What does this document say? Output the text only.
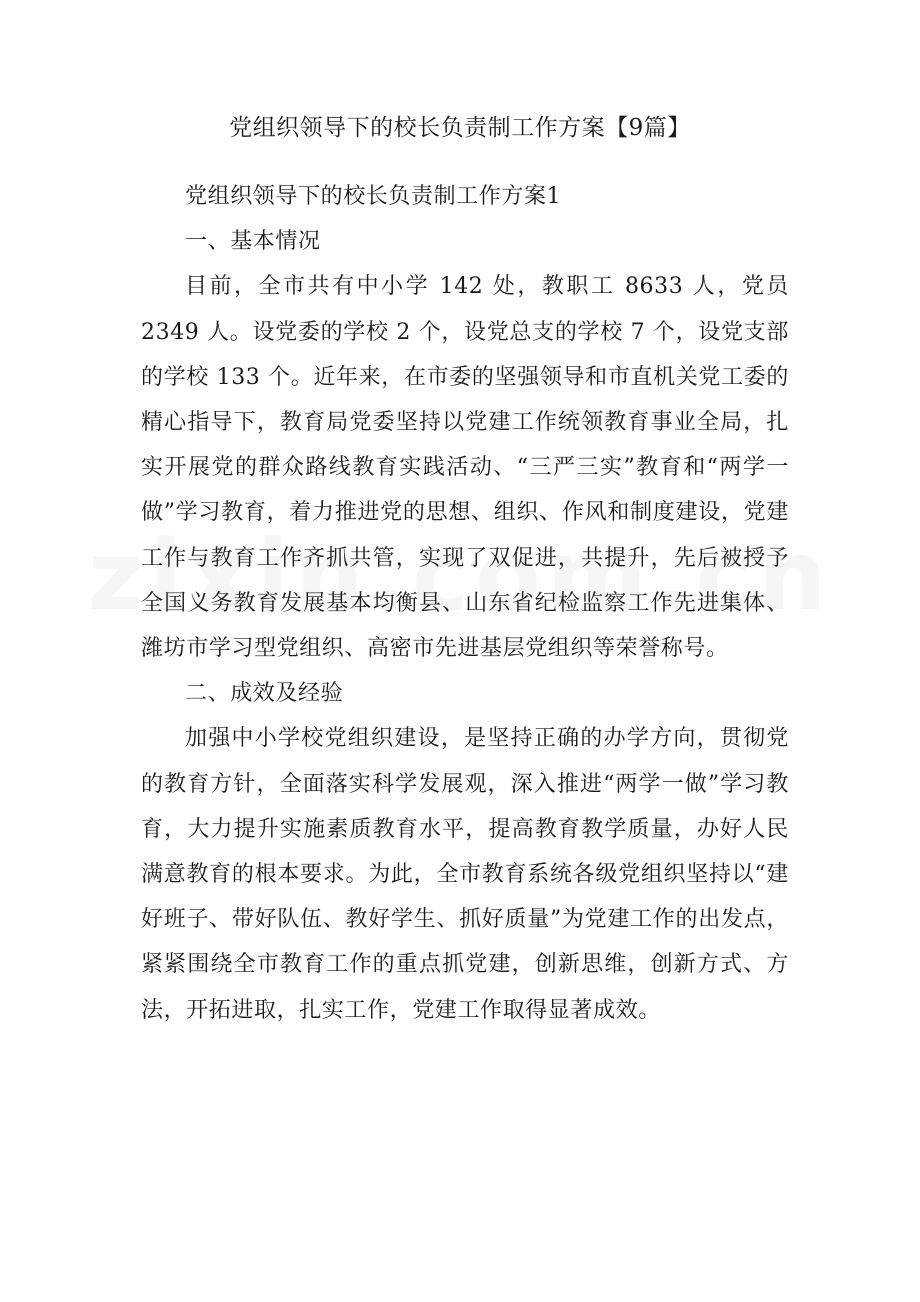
党组织领导下的校长负责制工作方案【9篇】

党组织领导下的校长负责制工作方案1

一、基本情况

目前，全市共有中小学 142 处，教职工 8633 人，党员2349 人。设党委的学校 2 个，设党总支的学校 7 个，设党支部的学校 133 个。近年来，在市委的坚强领导和市直机关党工委的精心指导下，教育局党委坚持以党建工作统领教育事业全局，扎实开展党的群众路线教育实践活动、“三严三实”教育和“两学一做”学习教育，着力推进党的思想、组织、作风和制度建设，党建工作与教育工作齐抓共管，实现了双促进，共提升，先后被授予全国义务教育发展基本均衡县、山东省纪检监察工作先进集体、潍坊市学习型党组织、高密市先进基层党组织等荣誉称号。

二、成效及经验

加强中小学校党组织建设，是坚持正确的办学方向，贯彻党的教育方针，全面落实科学发展观，深入推进“两学一做”学习教育，大力提升实施素质教育水平，提高教育教学质量，办好人民满意教育的根本要求。为此，全市教育系统各级党组织坚持以“建好班子、带好队伍、教好学生、抓好质量”为党建工作的出发点，紧紧围绕全市教育工作的重点抓党建，创新思维，创新方式、方法，开拓进取，扎实工作，党建工作取得显著成效。
